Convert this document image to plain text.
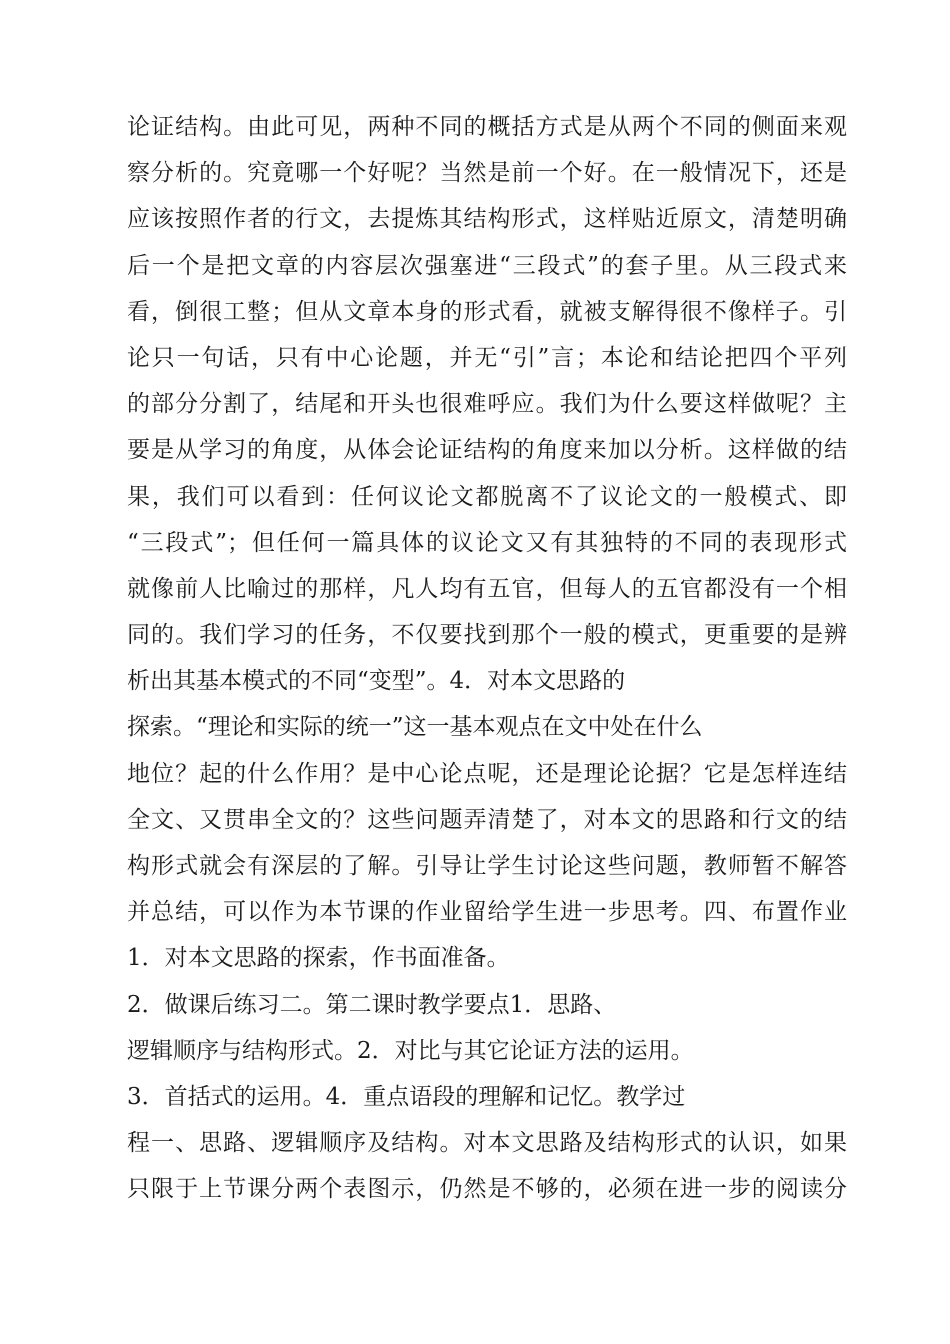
论证结构。由此可见，两种不同的概括方式是从两个不同的侧面来观
察分析的。究竟哪一个好呢？当然是前一个好。在一般情况下，还是
应该按照作者的行文，去提炼其结构形式，这样贴近原文，清楚明确
后一个是把文章的内容层次强塞进“三段式”的套子里。从三段式来
看，倒很工整；但从文章本身的形式看，就被支解得很不像样子。引
论只一句话，只有中心论题，并无“引”言；本论和结论把四个平列
的部分分割了，结尾和开头也很难呼应。我们为什么要这样做呢？主
要是从学习的角度，从体会论证结构的角度来加以分析。这样做的结
果，我们可以看到：任何议论文都脱离不了议论文的一般模式、即
“三段式”；但任何一篇具体的议论文又有其独特的不同的表现形式
就像前人比喻过的那样，凡人均有五官，但每人的五官都没有一个相
同的。我们学习的任务，不仅要找到那个一般的模式，更重要的是辨
析出其基本模式的不同“变型”。4．对本文思路的
探索。“理论和实际的统一”这一基本观点在文中处在什么
地位？起的什么作用？是中心论点呢，还是理论论据？它是怎样连结
全文、又贯串全文的？这些问题弄清楚了，对本文的思路和行文的结
构形式就会有深层的了解。引导让学生讨论这些问题，教师暂不解答
并总结，可以作为本节课的作业留给学生进一步思考。四、布置作业
1．对本文思路的探索，作书面准备。
2．做课后练习二。第二课时教学要点1．思路、
逻辑顺序与结构形式。2．对比与其它论证方法的运用。
3．首括式的运用。4．重点语段的理解和记忆。教学过
程一、思路、逻辑顺序及结构。对本文思路及结构形式的认识，如果
只限于上节课分两个表图示，仍然是不够的，必须在进一步的阅读分
